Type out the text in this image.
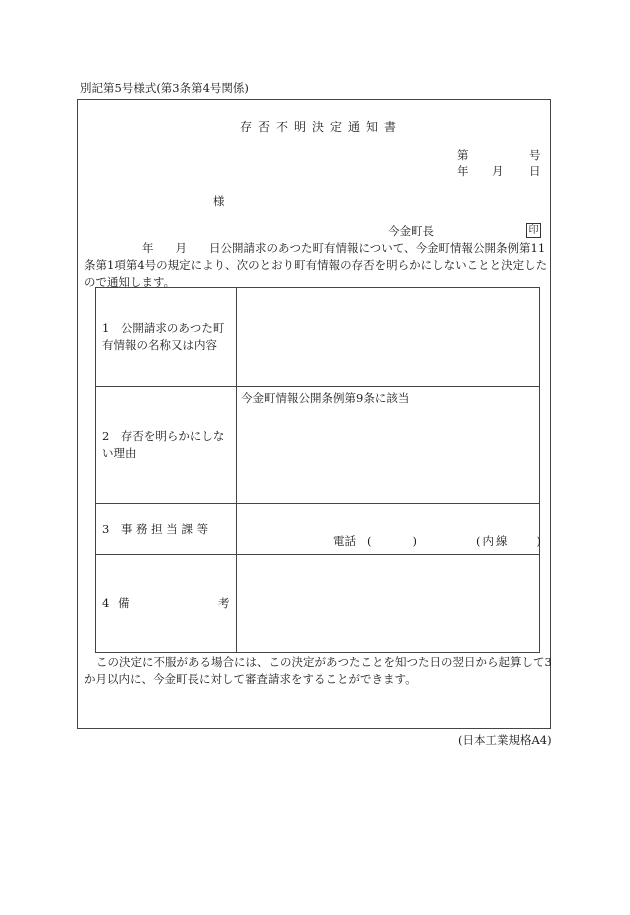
別記第5号様式(第3条第4号関係)
存否不明決定通知書
第	号
年 月 日
様
今金町長	印
年 月 日公開請求のあつた町有情報について、今金町情報公開条例第11条第1項第4号の規定により、次のとおり町有情報の存否を明らかにしないことと決定したので通知します。
1　公開請求のあつた町有情報の名称又は内容	

2　存否を明らかにしない理由	今金町情報公開条例第9条に該当

3　事 務 担 当 課 等	電話 (　　) (内線　　)

4 備 考	

この決定に不服がある場合には、この決定があつたことを知つた日の翌日から起算して3か月以内に、今金町長に対して審査請求をすることができます。
(日本工業規格A4)
